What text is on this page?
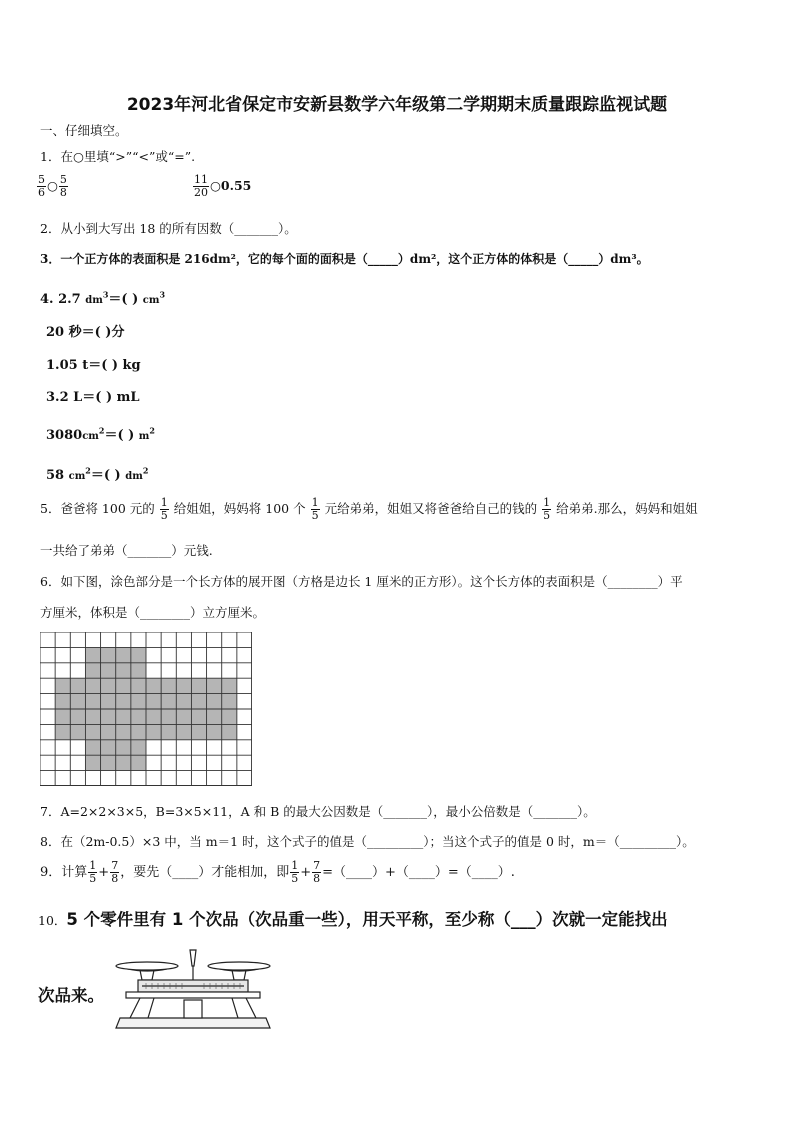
2023年河北省保定市安新县数学六年级第二学期期末质量跟踪监视试题
一、仔细填空。
1．在○里填“>”“<”或“=”.
$\frac{5}{6}$ ○ $\frac{5}{8}$	$\frac{11}{20}$ ○0.55
2．从小到大写出 18 的所有因数（_______）。
3．一个正方体的表面积是 216dm²，它的每个面的面积是（_____）dm²，这个正方体的体积是（_____）dm³。
4. 2.7 $dm^3=$( ) $cm^3$
20 秒＝( )分
1.05 t＝( ) kg
3.2 L＝( ) mL
$3080cm^2=$( ) $m^2$
58 $cm^2=$( ) $dm^2$
5．爸爸将 100 元的 $\frac{1}{5}$ 给姐姐，妈妈将 100 个 $\frac{1}{5}$ 元给弟弟，姐姐又将爸爸给自己的钱的 $\frac{1}{5}$ 给弟弟.那么，妈妈和姐姐
一共给了弟弟（_______）元钱.
6．如下图，涂色部分是一个长方体的展开图（方格是边长 1 厘米的正方形）。这个长方体的表面积是（________）平
方厘米，体积是（________）立方厘米。
7．A=2×2×3×5，B=3×5×11，A 和 B 的最大公因数是（_______），最小公倍数是（_______）。
8．在（2m-0.5）×3 中，当 m＝1 时，这个式子的值是（_________）；当这个式子的值是 0 时，m＝（_________）。
9．计算 $\frac{1}{5} + \frac{7}{8}$ ，要先（____）才能相加，即 $\frac{1}{5} + \frac{7}{8}$ =（____）+（____）=（____）.
10．5 个零件里有 1 个次品（次品重一些），用天平称，至少称（___）次就一定能找出
次品来。
